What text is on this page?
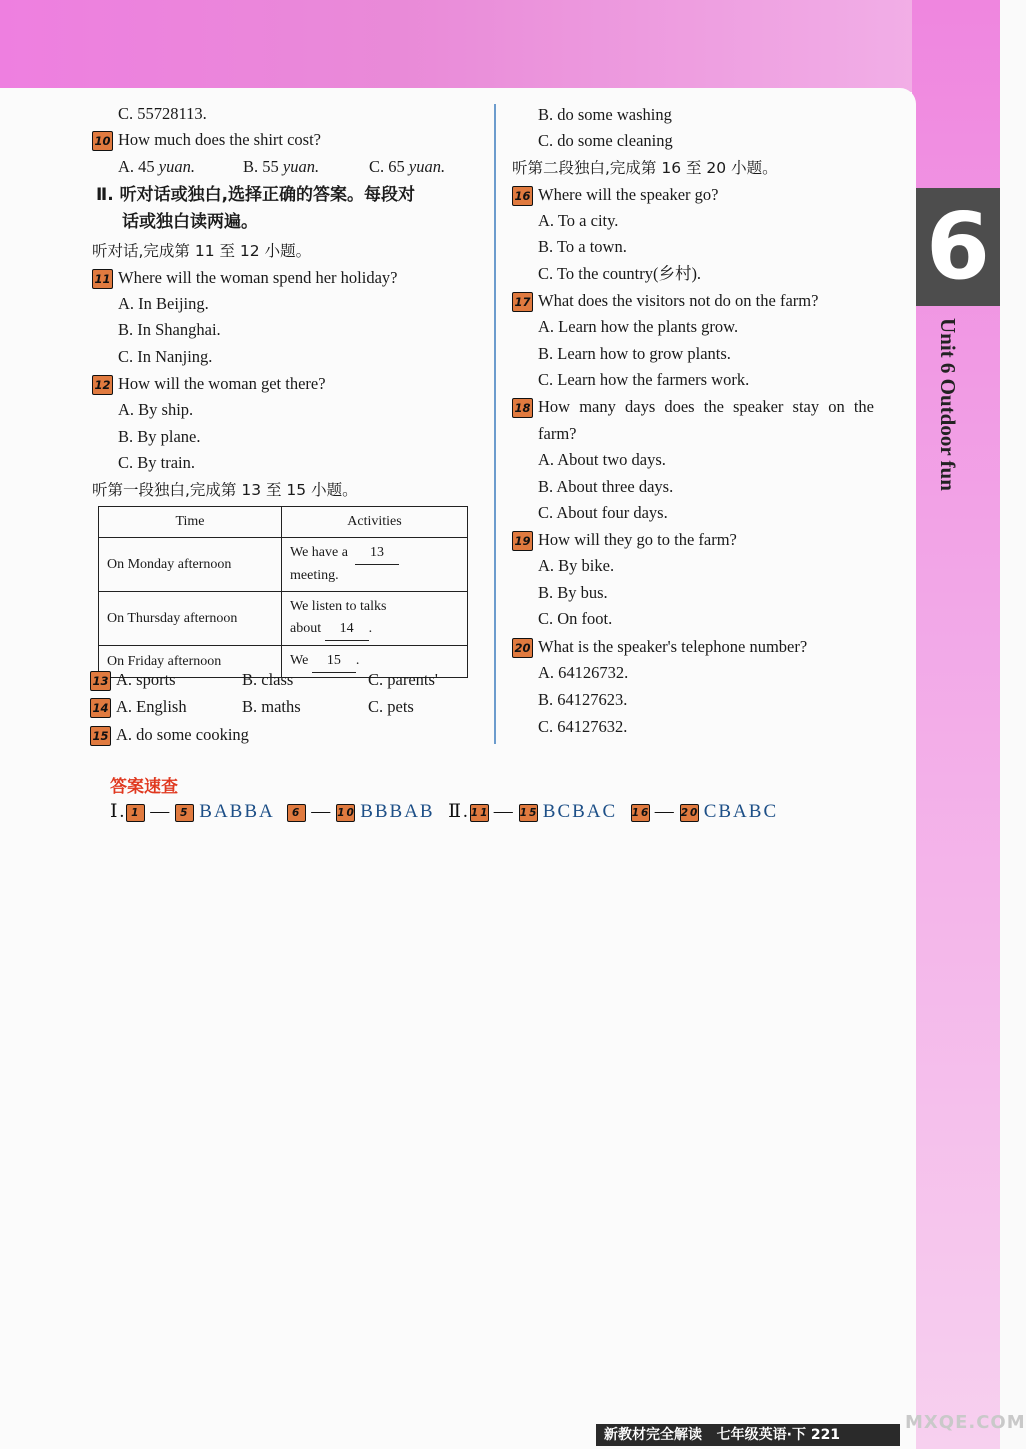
6
Unit 6 Outdoor fun
C. 55728113.
10 How much does the shirt cost?
A. 45 yuan.	B. 55 yuan.	C. 65 yuan.
Ⅱ. 听对话或独白,选择正确的答案。每段对
话或独白读两遍。
听对话,完成第 11 至 12 小题。
11 Where will the woman spend her holiday?
A. In Beijing.
B. In Shanghai.
C. In Nanjing.
12 How will the woman get there?
A. By ship.
B. By plane.
C. By train.
听第一段独白,完成第 13 至 15 小题。
Time	Activities
On Monday afternoon	We have a 13
meeting.
On Thursday afternoon	We listen to talks
about 14 .
On Friday afternoon	We 15 .
13 A. sports	B. class	C. parents'
14 A. English	B. maths	C. pets
15 A. do some cooking
B. do some washing
C. do some cleaning
听第二段独白,完成第 16 至 20 小题。
16 Where will the speaker go?
A. To a city.
B. To a town.
C. To the country(乡村).
17 What does the visitors not do on the farm?
A. Learn how the plants grow.
B. Learn how to grow plants.
C. Learn how the farmers work.
18 How many days does the speaker stay on the
farm?
A. About two days.
B. About three days.
C. About four days.
19 How will they go to the farm?
A. By bike.
B. By bus.
C. On foot.
20 What is the speaker's telephone number?
A. 64126732.
B. 64127623.
C. 64127632.
答案速查
Ⅰ. 1 — 5 BABBA 6 — 10 BBBAB Ⅱ.11 — 15 BCBAC 16 — 20 CBABC
新教材完全解读 七年级英语·下 221
MXQE.COM
